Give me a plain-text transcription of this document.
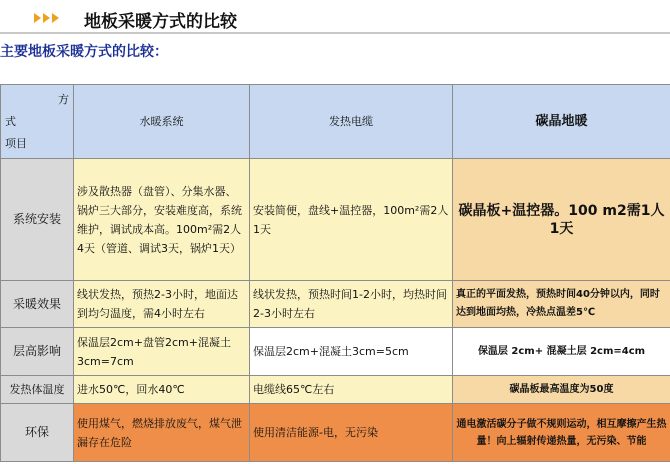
地板采暖方式的比较
主要地板采暖方式的比较：
方
式
项目	水暖系统	发热电缆	碳晶地暖
系统安装	涉及散热器（盘管）、分集水器、锅炉三大部分，安装难度高，系统维护，调试成本高。100m²需2人4天（管道、调试3天，锅炉1天）	安装简便，盘线+温控器，100m²需2人1天	碳晶板+温控器。100 m2需1人1天
采暖效果	线状发热，预热2-3小时，地面达到均匀温度，需4小时左右	线状发热，预热时间1-2小时，均热时间2-3小时左右	真正的平面发热，预热时间40分钟以内，同时达到地面均热，冷热点温差5℃
层高影响	保温层2cm+盘管2cm+混凝土3cm=7cm	保温层2cm+混凝土3cm=5cm	保温层 2cm+ 混凝土层 2cm=4cm
发热体温度	进水50℃，回水40℃	电缆线65℃左右	碳晶板最高温度为50度
环保	使用煤气，燃烧排放废气，煤气泄漏存在危险	使用清洁能源-电，无污染	通电激活碳分子做不规则运动，相互摩擦产生热量！向上辐射传递热量，无污染、节能
